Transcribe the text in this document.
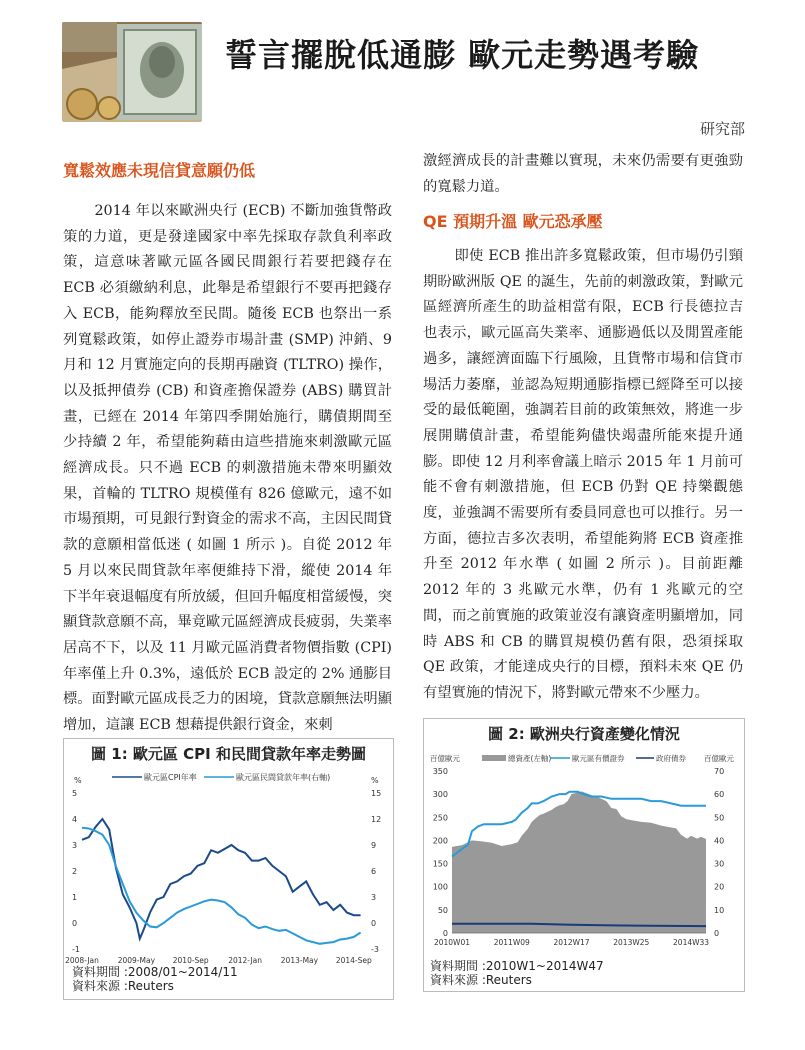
誓言擺脫低通膨 歐元走勢遇考驗
研究部
寬鬆效應未現信貸意願仍低

2014 年以來歐洲央行 (ECB) 不斷加強貨幣政策的力道，更是發達國家中率先採取存款負利率政策，這意味著歐元區各國民間銀行若要把錢存在 ECB 必須繳納利息，此舉是希望銀行不要再把錢存入 ECB，能夠釋放至民間。隨後 ECB 也祭出一系列寬鬆政策，如停止證券市場計畫 (SMP) 沖銷、9 月和 12 月實施定向的長期再融資 (TLTRO) 操作，以及抵押債券 (CB) 和資產擔保證券 (ABS) 購買計畫，已經在 2014 年第四季開始施行，購債期間至少持續 2 年，希望能夠藉由這些措施來刺激歐元區經濟成長。只不過 ECB 的刺激措施未帶來明顯效果，首輪的 TLTRO 規模僅有 826 億歐元，遠不如市場預期，可見銀行對資金的需求不高，主因民間貸款的意願相當低迷 ( 如圖 1 所示 )。自從 2012 年 5 月以來民間貸款年率便維持下滑，縱使 2014 年下半年衰退幅度有所放緩，但回升幅度相當緩慢，突顯貸款意願不高，畢竟歐元區經濟成長疲弱，失業率居高不下，以及 11 月歐元區消費者物價指數 (CPI) 年率僅上升 0.3%，遠低於 ECB 設定的 2% 通膨目標。面對歐元區成長乏力的困境，貸款意願無法明顯增加，這讓 ECB 想藉提供銀行資金，來刺

激經濟成長的計畫難以實現，未來仍需要有更強勁的寬鬆力道。

QE 預期升溫 歐元恐承壓

即使 ECB 推出許多寬鬆政策，但市場仍引頸期盼歐洲版 QE 的誕生，先前的刺激政策，對歐元區經濟所產生的助益相當有限，ECB 行長德拉吉也表示，歐元區高失業率、通膨過低以及閒置產能過多，讓經濟面臨下行風險，且貨幣市場和信貸市場活力萎靡，並認為短期通膨指標已經降至可以接受的最低範圍，強調若目前的政策無效，將進一步展開購債計畫，希望能夠儘快竭盡所能來提升通膨。即使 12 月利率會議上暗示 2015 年 1 月前可能不會有刺激措施，但 ECB 仍對 QE 持樂觀態度，並強調不需要所有委員同意也可以推行。另一方面，德拉吉多次表明，希望能夠將 ECB 資產推升至 2012 年水準 ( 如圖 2 所示 )。目前距離 2012 年的 3 兆歐元水準，仍有 1 兆歐元的空間，而之前實施的政策並沒有讓資產明顯增加，同時 ABS 和 CB 的購買規模仍舊有限，恐須採取 QE 政策，才能達成央行的目標，預料未來 QE 仍有望實施的情況下，將對歐元帶來不少壓力。

圖 1: 歐元區 CPI 和民間貸款年率走勢圖
歐元區CPI年率	歐元區民間貸款年率(右軸)
%	%
-1
0
1
2
3
4
5
-3
0
3
6
9
12
15
2008-Jan	2009-May 2010-Sep	2012-Jan	2013-May 2014-Sep
資料期間 :2008/01~2014/11
資料來源 :Reuters
圖 2: 歐洲央行資產變化情況
百億歐元	百億歐元
總資產(左軸)	歐元區有價證券	政府債券
0
50
100
150
200
250
300
350
0
10
20
30
40
50
60
70
2010W01	2011W09	2012W17	2013W25	2014W33
資料期間 :2010W1~2014W47
資料來源 :Reuters
